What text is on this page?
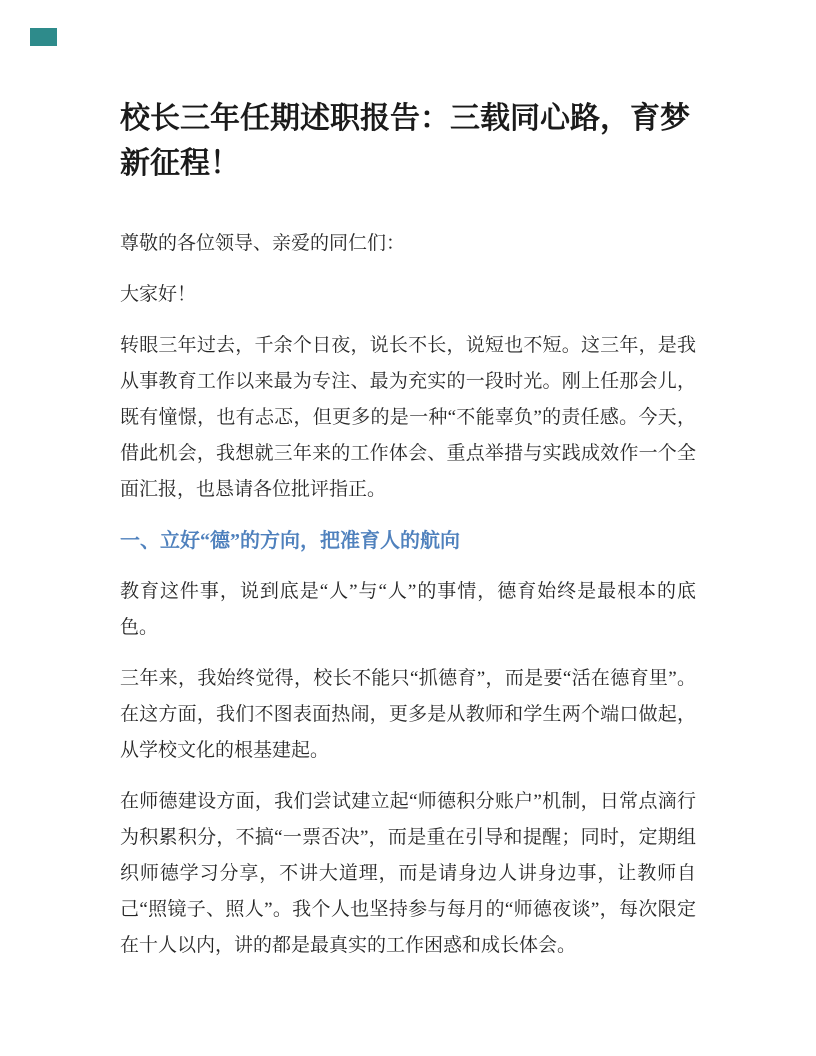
校长三年任期述职报告：三载同心路，育梦新征程！

尊敬的各位领导、亲爱的同仁们：

大家好！

转眼三年过去，千余个日夜，说长不长，说短也不短。这三年，是我从事教育工作以来最为专注、最为充实的一段时光。刚上任那会儿，既有憧憬，也有忐忑，但更多的是一种“不能辜负”的责任感。今天，借此机会，我想就三年来的工作体会、重点举措与实践成效作一个全面汇报，也恳请各位批评指正。

一、立好“德”的方向，把准育人的航向

教育这件事，说到底是“人”与“人”的事情，德育始终是最根本的底色。

三年来，我始终觉得，校长不能只“抓德育”，而是要“活在德育里”。在这方面，我们不图表面热闹，更多是从教师和学生两个端口做起，从学校文化的根基建起。

在师德建设方面，我们尝试建立起“师德积分账户”机制，日常点滴行为积累积分，不搞“一票否决”，而是重在引导和提醒；同时，定期组织师德学习分享，不讲大道理，而是请身边人讲身边事，让教师自己“照镜子、照人”。我个人也坚持参与每月的“师德夜谈”，每次限定在十人以内，讲的都是最真实的工作困惑和成长体会。
